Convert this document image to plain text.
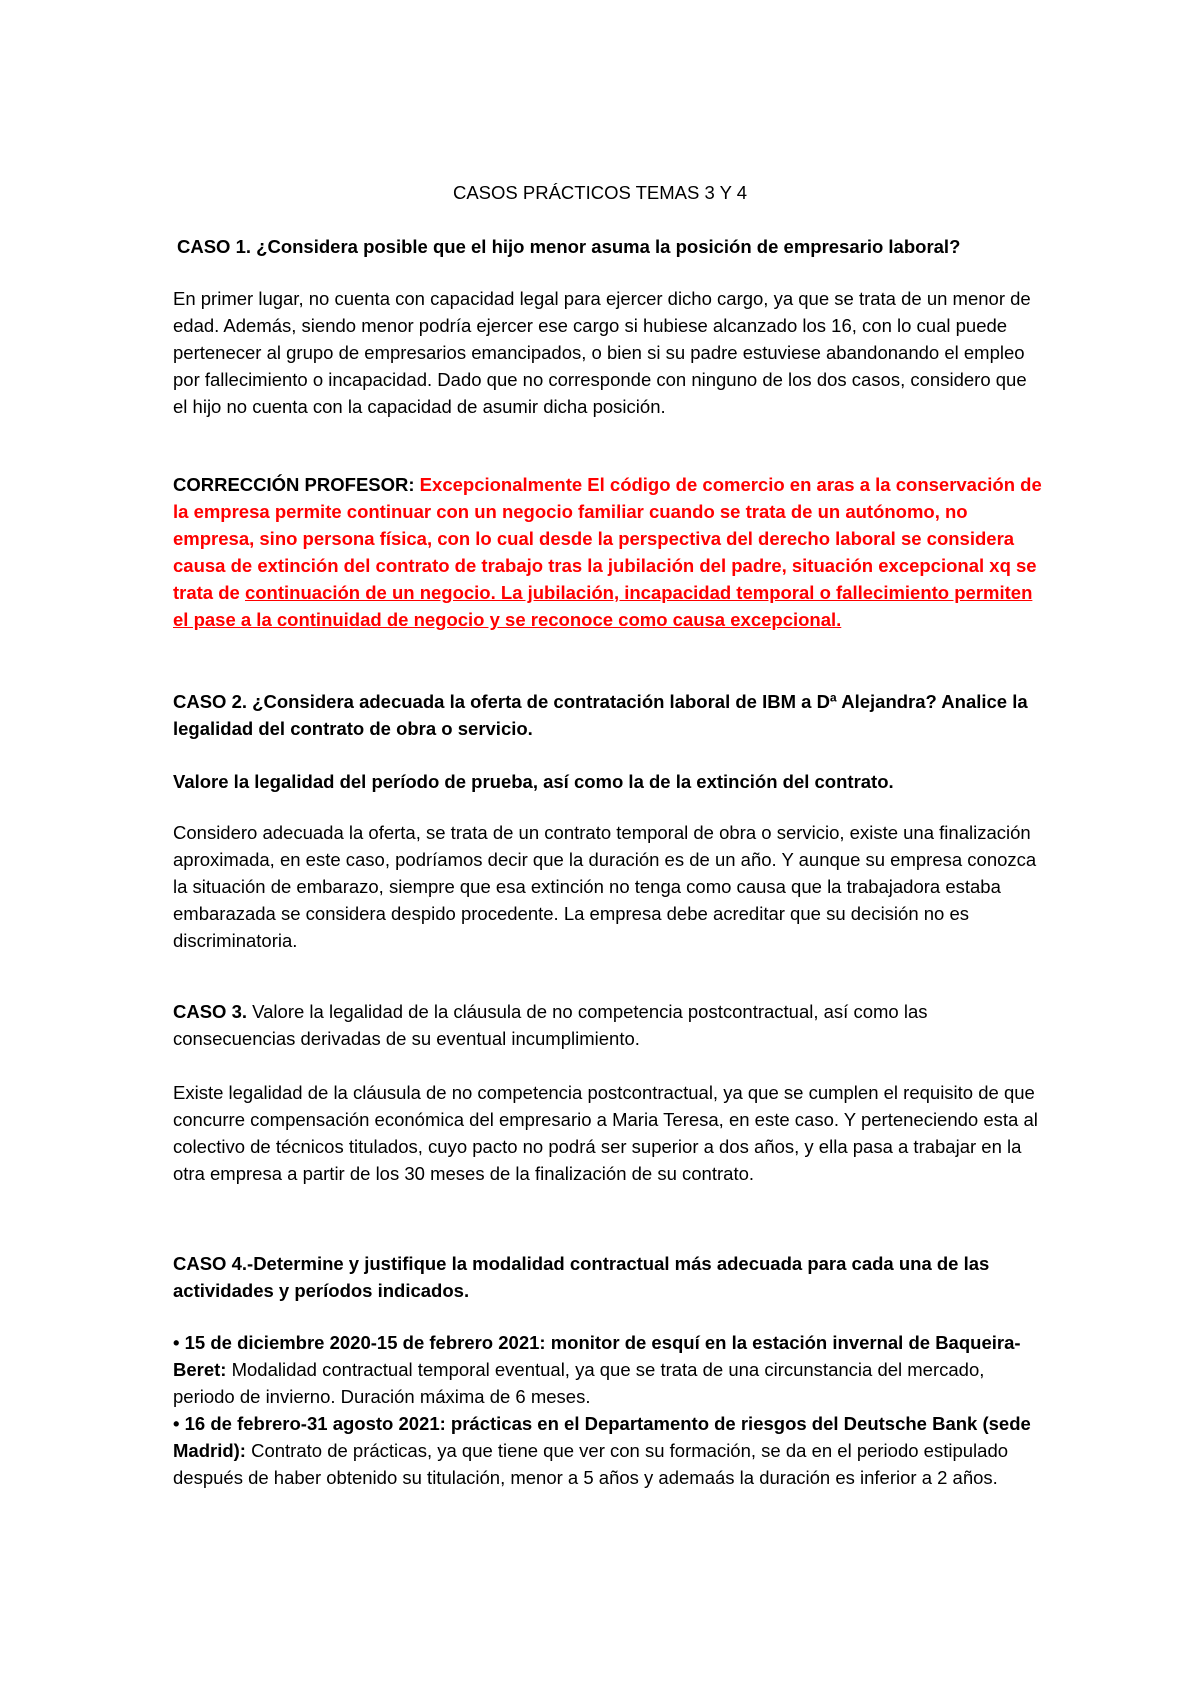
CASOS PRÁCTICOS TEMAS 3 Y 4

CASO 1. ¿Considera posible que el hijo menor asuma la posición de empresario laboral?

En primer lugar, no cuenta con capacidad legal para ejercer dicho cargo, ya que se trata de un menor de edad. Además, siendo menor podría ejercer ese cargo si hubiese alcanzado los 16, con lo cual puede pertenecer al grupo de empresarios emancipados, o bien si su padre estuviese abandonando el empleo por fallecimiento o incapacidad. Dado que no corresponde con ninguno de los dos casos, considero que el hijo no cuenta con la capacidad de asumir dicha posición.

CORRECCIÓN PROFESOR: Excepcionalmente El código de comercio en aras a la conservación de la empresa permite continuar con un negocio familiar cuando se trata de un autónomo, no empresa, sino persona física, con lo cual desde la perspectiva del derecho laboral se considera causa de extinción del contrato de trabajo tras la jubilación del padre, situación excepcional xq se trata de continuación de un negocio. La jubilación, incapacidad temporal o fallecimiento permiten el pase a la continuidad de negocio y se reconoce como causa excepcional.

CASO 2. ¿Considera adecuada la oferta de contratación laboral de IBM a Dª Alejandra? Analice la legalidad del contrato de obra o servicio.

Valore la legalidad del período de prueba, así como la de la extinción del contrato.

Considero adecuada la oferta, se trata de un contrato temporal de obra o servicio, existe una finalización aproximada, en este caso, podríamos decir que la duración es de un año. Y aunque su empresa conozca la situación de embarazo, siempre que esa extinción no tenga como causa que la trabajadora estaba embarazada se considera despido procedente. La empresa debe acreditar que su decisión no es discriminatoria.

CASO 3. Valore la legalidad de la cláusula de no competencia postcontractual, así como las consecuencias derivadas de su eventual incumplimiento.

Existe legalidad de la cláusula de no competencia postcontractual, ya que se cumplen el requisito de que concurre compensación económica del empresario a Maria Teresa, en este caso. Y perteneciendo esta al colectivo de técnicos titulados, cuyo pacto no podrá ser superior a dos años, y ella pasa a trabajar en la otra empresa a partir de los 30 meses de la finalización de su contrato.

CASO 4.-Determine y justifique la modalidad contractual más adecuada para cada una de las actividades y períodos indicados.

• 15 de diciembre 2020-15 de febrero 2021: monitor de esquí en la estación invernal de Baqueira-Beret: Modalidad contractual temporal eventual, ya que se trata de una circunstancia del mercado, periodo de invierno. Duración máxima de 6 meses.

• 16 de febrero-31 agosto 2021: prácticas en el Departamento de riesgos del Deutsche Bank (sede Madrid): Contrato de prácticas, ya que tiene que ver con su formación, se da en el periodo estipulado después de haber obtenido su titulación, menor a 5 años y ademaás la duración es inferior a 2 años.
